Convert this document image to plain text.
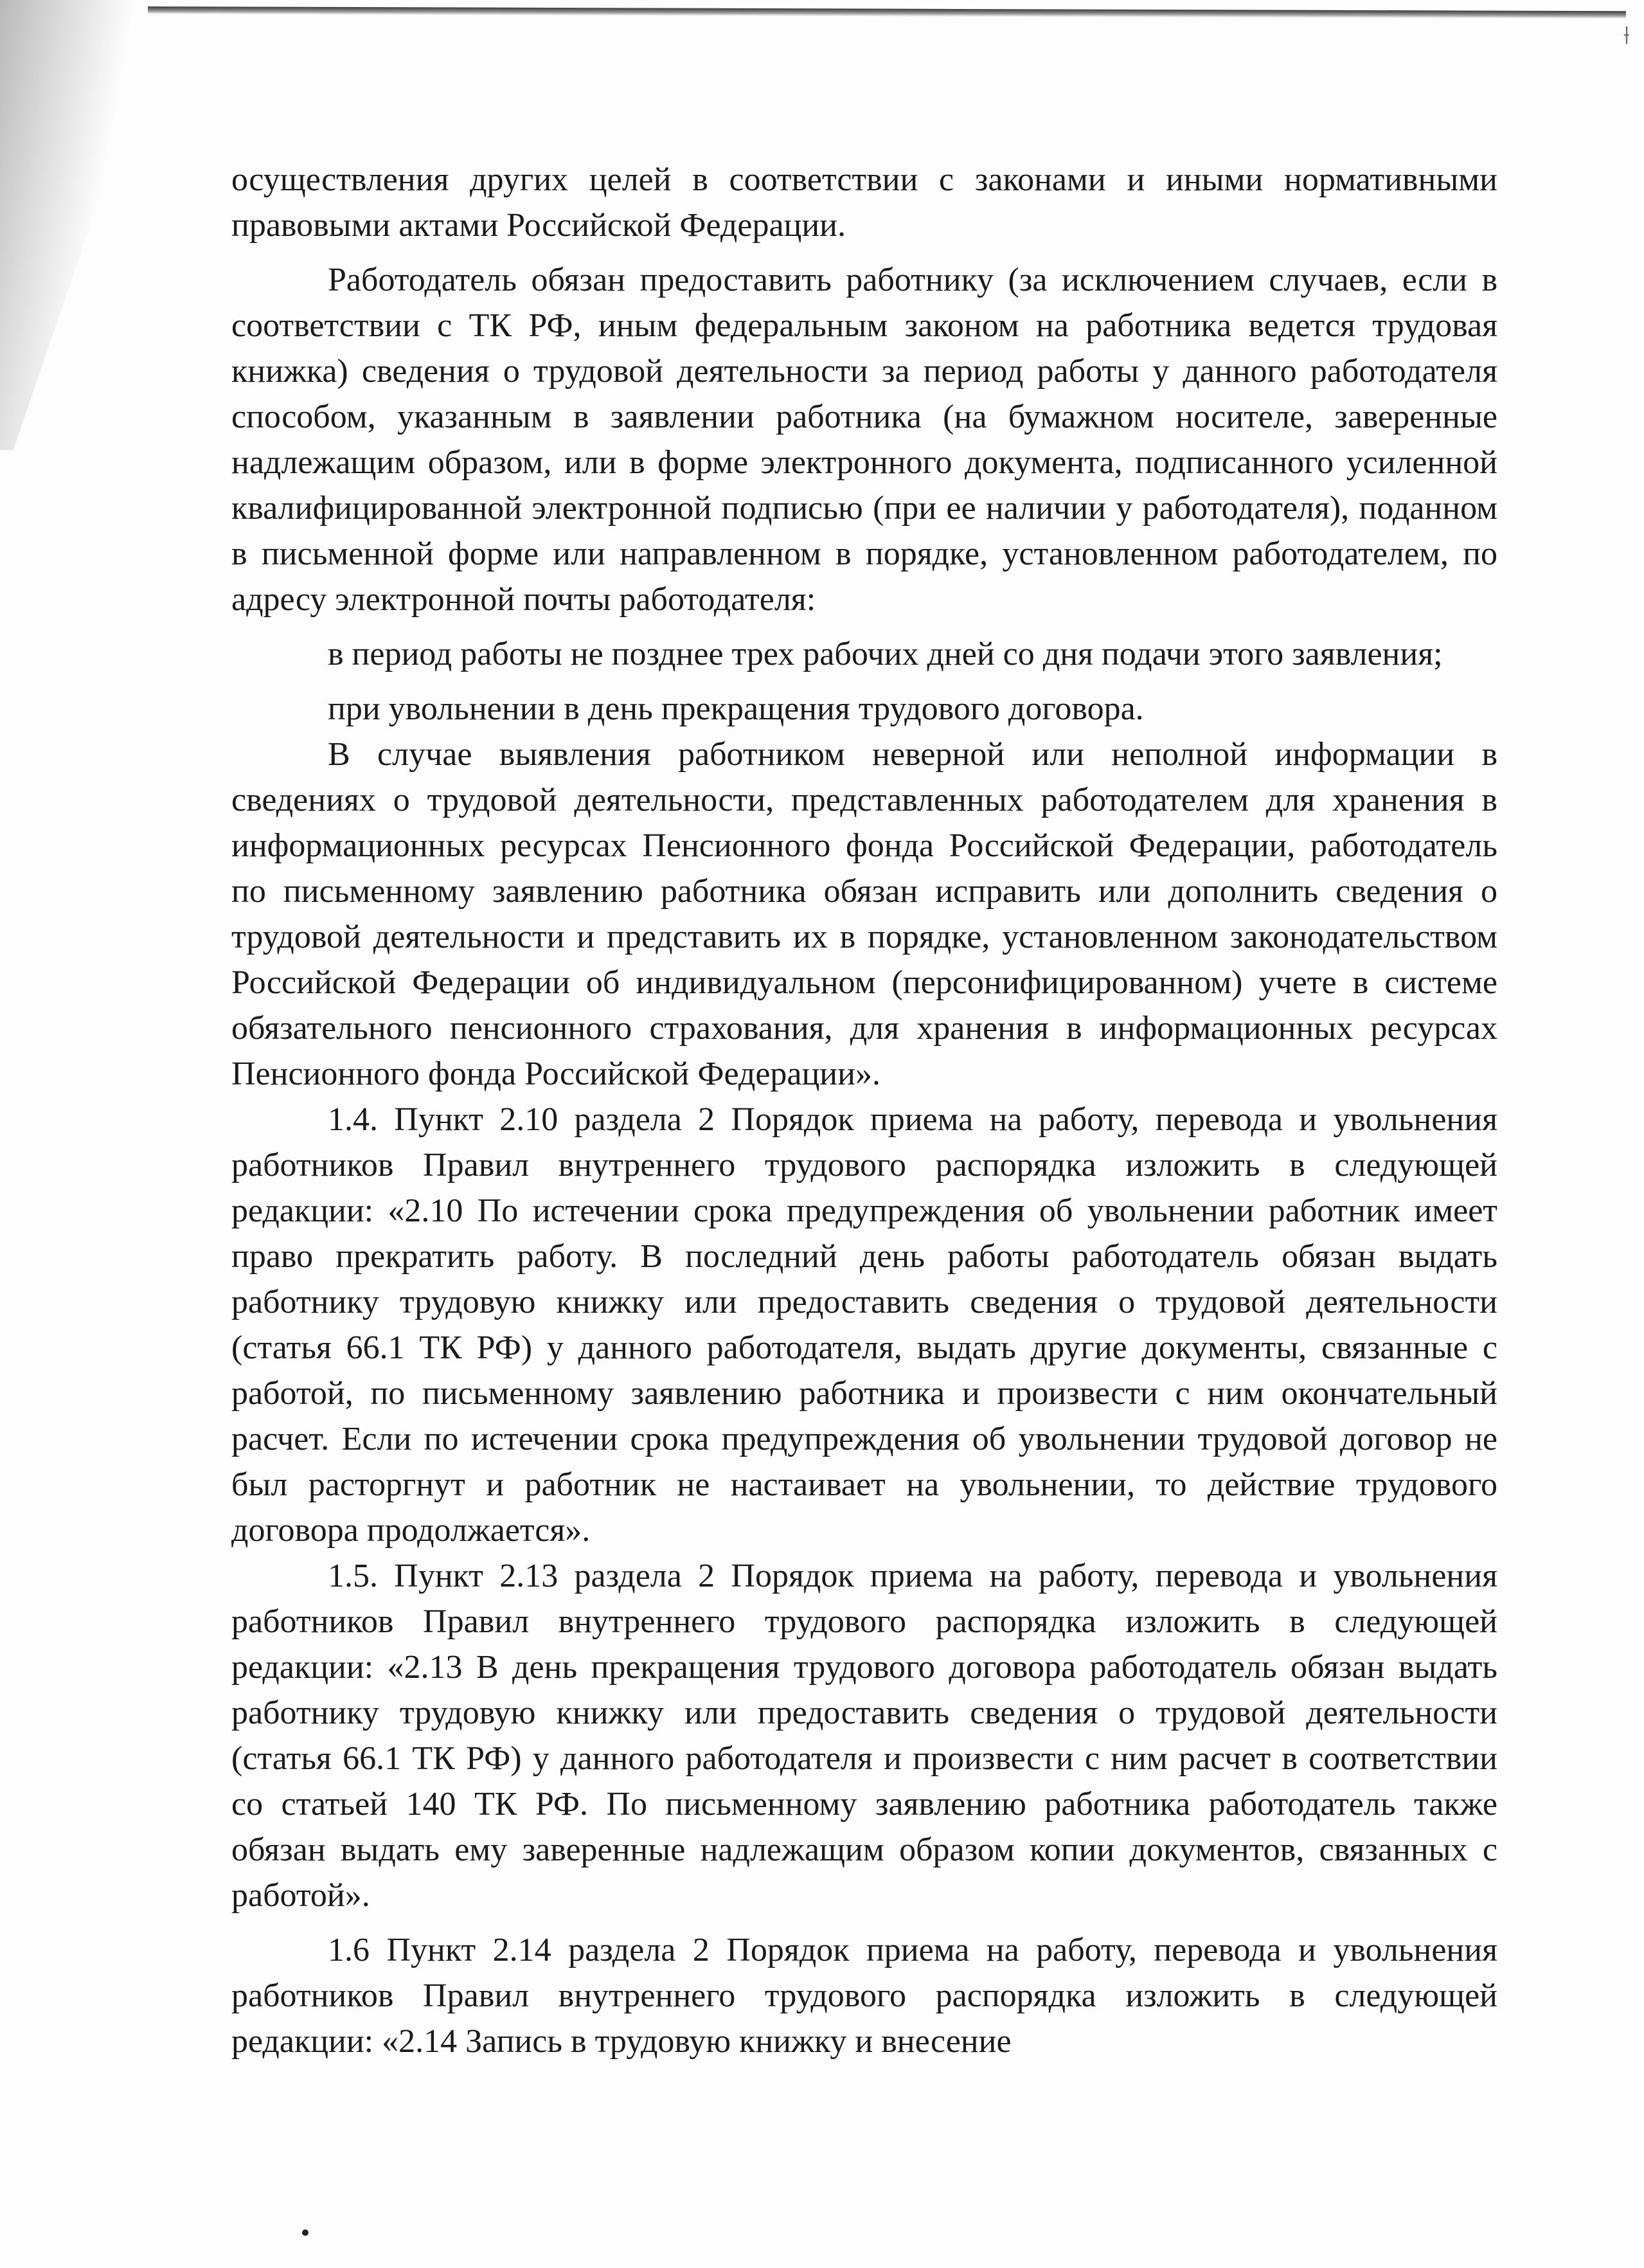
⟊

осуществления других целей в соответствии с законами и иными нормативными правовыми актами Российской Федерации.

Работодатель обязан предоставить работнику (за исключением случаев, если в соответствии с ТК РФ, иным федеральным законом на работника ведется трудовая книжка) сведения о трудовой деятельности за период работы у данного работодателя способом, указанным в заявлении работника (на бумажном носителе, заверенные надлежащим образом, или в форме электронного документа, подписанного усиленной квалифицированной электронной подписью (при ее наличии у работодателя), поданном в письменной форме или направленном в порядке, установленном работодателем, по адресу электронной почты работодателя:

в период работы не позднее трех рабочих дней со дня подачи этого заявления;

при увольнении в день прекращения трудового договора.

В случае выявления работником неверной или неполной информации в сведениях о трудовой деятельности, представленных работодателем для хранения в информационных ресурсах Пенсионного фонда Российской Федерации, работодатель по письменному заявлению работника обязан исправить или дополнить сведения о трудовой деятельности и представить их в порядке, установленном законодательством Российской Федерации об индивидуальном (персонифицированном) учете в системе обязательного пенсионного страхования, для хранения в информационных ресурсах Пенсионного фонда Российской Федерации».

1.4. Пункт 2.10 раздела 2 Порядок приема на работу, перевода и увольнения работников Правил внутреннего трудового распорядка изложить в следующей редакции: «2.10 По истечении срока предупреждения об увольнении работник имеет право прекратить работу. В последний день работы работодатель обязан выдать работнику трудовую книжку или предоставить сведения о трудовой деятельности (статья 66.1 ТК РФ) у данного работодателя, выдать другие документы, связанные с работой, по письменному заявлению работника и произвести с ним окончательный расчет. Если по истечении срока предупреждения об увольнении трудовой договор не был расторгнут и работник не настаивает на увольнении, то действие трудового договора продолжается».

1.5. Пункт 2.13 раздела 2 Порядок приема на работу, перевода и увольнения работников Правил внутреннего трудового распорядка изложить в следующей редакции: «2.13 В день прекращения трудового договора работодатель обязан выдать работнику трудовую книжку или предоставить сведения о трудовой деятельности (статья 66.1 ТК РФ) у данного работодателя и произвести с ним расчет в соответствии со статьей 140 ТК РФ. По письменному заявлению работника работодатель также обязан выдать ему заверенные надлежащим образом копии документов, связанных с работой».

1.6 Пункт 2.14 раздела 2 Порядок приема на работу, перевода и увольнения работников Правил внутреннего трудового распорядка изложить в следующей редакции: «2.14 Запись в трудовую книжку и внесение
